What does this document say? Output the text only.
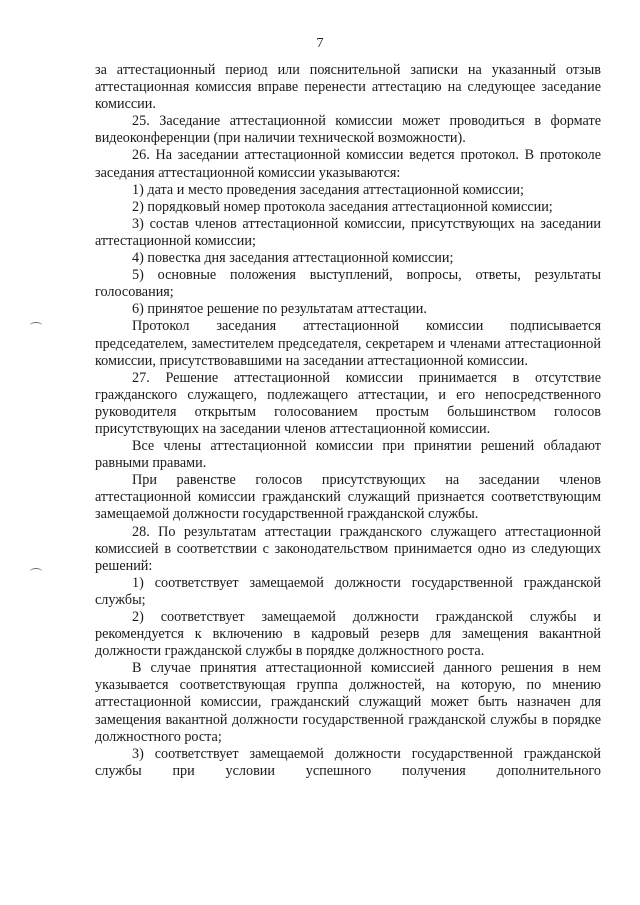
7

за аттестационный период или пояснительной записки на указанный отзыв аттестационная комиссия вправе перенести аттестацию на следующее заседание комиссии.

25. Заседание аттестационной комиссии может проводиться в формате видеоконференции (при наличии технической возможности).

26. На заседании аттестационной комиссии ведется протокол. В протоколе заседания аттестационной комиссии указываются:

1) дата и место проведения заседания аттестационной комиссии;

2) порядковый номер протокола заседания аттестационной комиссии;

3) состав членов аттестационной комиссии, присутствующих на заседании аттестационной комиссии;

4) повестка дня заседания аттестационной комиссии;

5) основные положения выступлений, вопросы, ответы, результаты голосования;

6) принятое решение по результатам аттестации.

Протокол заседания аттестационной комиссии подписывается председателем, заместителем председателя, секретарем и членами аттестационной комиссии, присутствовавшими на заседании аттестационной комиссии.

27. Решение аттестационной комиссии принимается в отсутствие гражданского служащего, подлежащего аттестации, и его непосредственного руководителя открытым голосованием простым большинством голосов присутствующих на заседании членов аттестационной комиссии.

Все члены аттестационной комиссии при принятии решений обладают равными правами.

При равенстве голосов присутствующих на заседании членов аттестационной комиссии гражданский служащий признается соответствующим замещаемой должности государственной гражданской службы.

28. По результатам аттестации гражданского служащего аттестационной комиссией в соответствии с законодательством принимается одно из следующих решений:

1) соответствует замещаемой должности государственной гражданской службы;

2) соответствует замещаемой должности гражданской службы и рекомендуется к включению в кадровый резерв для замещения вакантной должности гражданской службы в порядке должностного роста.

В случае принятия аттестационной комиссией данного решения в нем указывается соответствующая группа должностей, на которую, по мнению аттестационной комиссии, гражданский служащий может быть назначен для замещения вакантной должности государственной гражданской службы в порядке должностного роста;

3) соответствует замещаемой должности государственной гражданской службы при условии успешного получения дополнительного
